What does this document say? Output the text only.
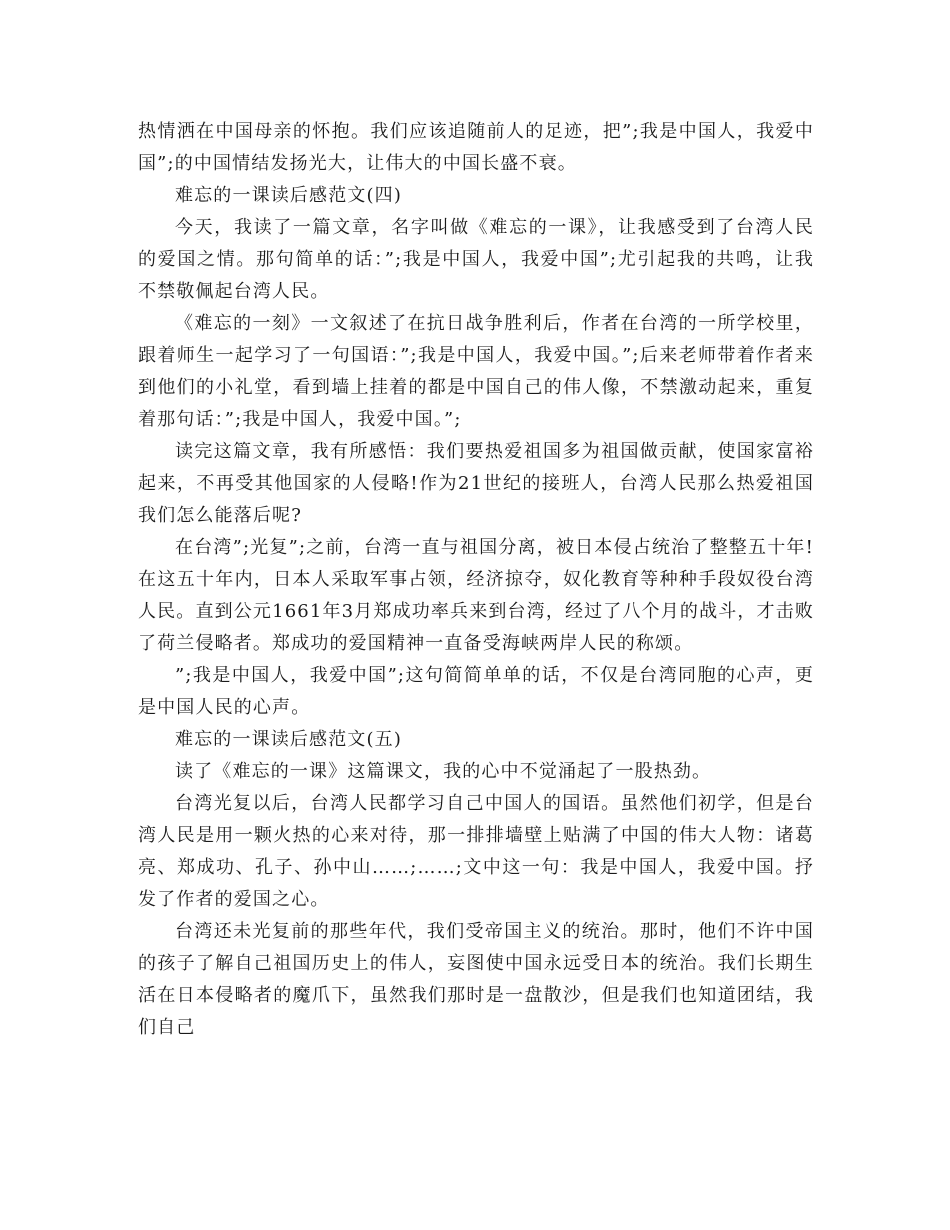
热情洒在中国母亲的怀抱。我们应该追随前人的足迹，把”;我是中国人，我爱中国”;的中国情结发扬光大，让伟大的中国长盛不衰。

难忘的一课读后感范文(四)

今天，我读了一篇文章，名字叫做《难忘的一课》，让我感受到了台湾人民的爱国之情。那句简单的话：”;我是中国人，我爱中国”;尤引起我的共鸣，让我不禁敬佩起台湾人民。

《难忘的一刻》一文叙述了在抗日战争胜利后，作者在台湾的一所学校里，跟着师生一起学习了一句国语：”;我是中国人，我爱中国。”;后来老师带着作者来到他们的小礼堂，看到墙上挂着的都是中国自己的伟人像，不禁激动起来，重复着那句话：”;我是中国人，我爱中国。”;

读完这篇文章，我有所感悟：我们要热爱祖国多为祖国做贡献，使国家富裕起来，不再受其他国家的人侵略!作为21世纪的接班人，台湾人民那么热爱祖国我们怎么能落后呢?

在台湾”;光复”;之前，台湾一直与祖国分离，被日本侵占统治了整整五十年!在这五十年内，日本人采取军事占领，经济掠夺，奴化教育等种种手段奴役台湾人民。直到公元1661年3月郑成功率兵来到台湾，经过了八个月的战斗，才击败了荷兰侵略者。郑成功的爱国精神一直备受海峡两岸人民的称颂。

”;我是中国人，我爱中国”;这句简简单单的话，不仅是台湾同胞的心声，更是中国人民的心声。

难忘的一课读后感范文(五)

读了《难忘的一课》这篇课文，我的心中不觉涌起了一股热劲。

台湾光复以后，台湾人民都学习自己中国人的国语。虽然他们初学，但是台湾人民是用一颗火热的心来对待，那一排排墙壁上贴满了中国的伟大人物：诸葛亮、郑成功、孔子、孙中山……;……;文中这一句：我是中国人，我爱中国。抒发了作者的爱国之心。

台湾还未光复前的那些年代，我们受帝国主义的统治。那时，他们不许中国的孩子了解自己祖国历史上的伟人，妄图使中国永远受日本的统治。我们长期生活在日本侵略者的魔爪下，虽然我们那时是一盘散沙，但是我们也知道团结，我们自己
